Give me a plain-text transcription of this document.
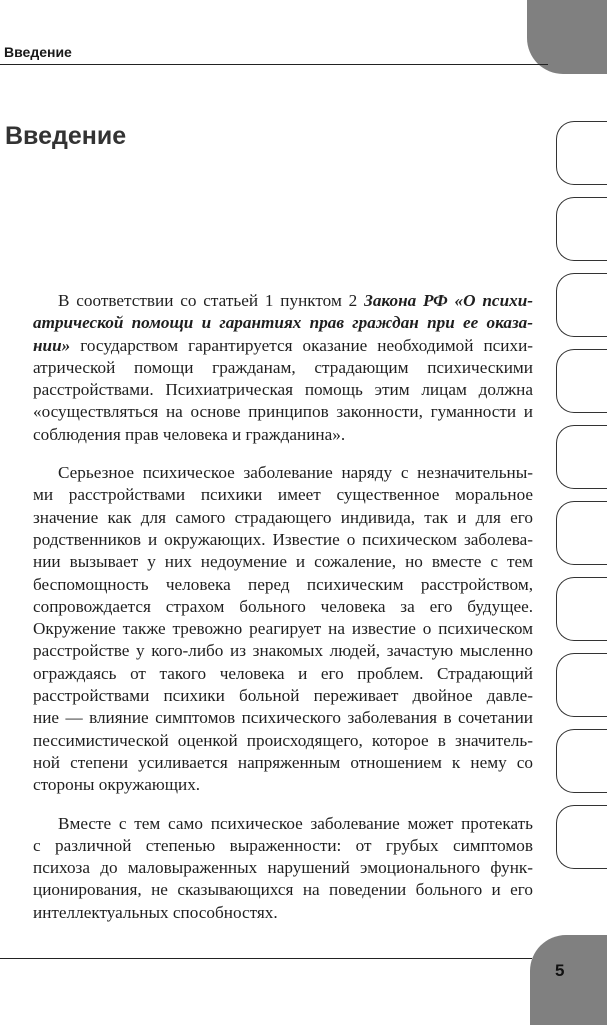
Введение
Введение
В соответствии со статьей 1 пунктом 2 Закона РФ «О психи-
атрической помощи и гарантиях прав граждан при ее оказа-
нии» государством гарантируется оказание необходимой психи-
атрической помощи гражданам, страдающим психическими
расстройствами. Психиатрическая помощь этим лицам должна
«осуществляться на основе принципов законности, гуманности и
соблюдения прав человека и гражданина».
Серьезное психическое заболевание наряду с незначительны-
ми расстройствами психики имеет существенное моральное
значение как для самого страдающего индивида, так и для его
родственников и окружающих. Известие о психическом заболева-
нии вызывает у них недоумение и сожаление, но вместе с тем
беспомощность человека перед психическим расстройством,
сопровождается страхом больного человека за его будущее.
Окружение также тревожно реагирует на известие о психическом
расстройстве у кого-либо из знакомых людей, зачастую мысленно
ограждаясь от такого человека и его проблем. Страдающий
расстройствами психики больной переживает двойное давле-
ние — влияние симптомов психического заболевания в сочетании
пессимистической оценкой происходящего, которое в значитель-
ной степени усиливается напряженным отношением к нему со
стороны окружающих.
Вместе с тем само психическое заболевание может протекать
с различной степенью выраженности: от грубых симптомов
психоза до маловыраженных нарушений эмоционального функ-
ционирования, не сказывающихся на поведении больного и его
интеллектуальных способностях.
5
